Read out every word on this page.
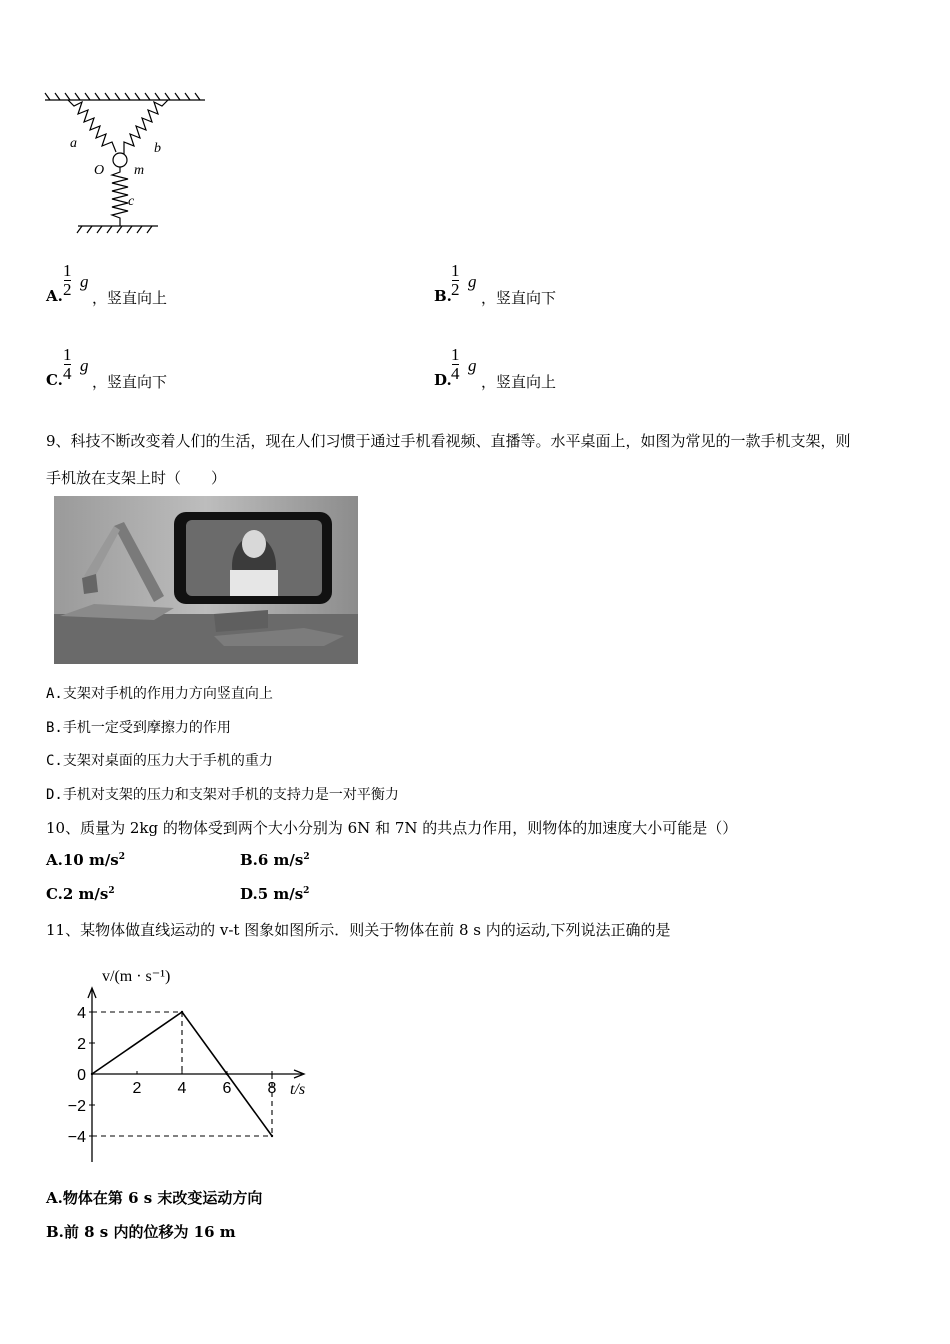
a	b
O m
c
A.
1
2 g
，竖直向上	B.
1
2 g
，竖直向下
C.
1
4 g
，竖直向下	D.
1
4 g
，竖直向上
9、科技不断改变着人们的生活，现在人们习惯于通过手机看视频、直播等。水平桌面上，如图为常见的一款手机支架，则
手机放在支架上时（　　）
A.支架对手机的作用力方向竖直向上
B.手机一定受到摩擦力的作用
C.支架对桌面的压力大于手机的重力
D.手机对支架的压力和支架对手机的支持力是一对平衡力
10、质量为 2kg 的物体受到两个大小分别为 6N 和 7N 的共点力作用，则物体的加速度大小可能是（）
A.10 $m/s^2$	B.6 $m/s^2$
C.2 $m/s^2$	D.5 $m/s^2$
11、某物体做直线运动的 v-t 图象如图所示．则关于物体在前 8 s 内的运动,下列说法正确的是
4
2
0
−2
−4
2 4 6 8
v/(m · s⁻¹)
t/s
A.物体在第 6 s 末改变运动方向
B.前 8 s 内的位移为 16 m
